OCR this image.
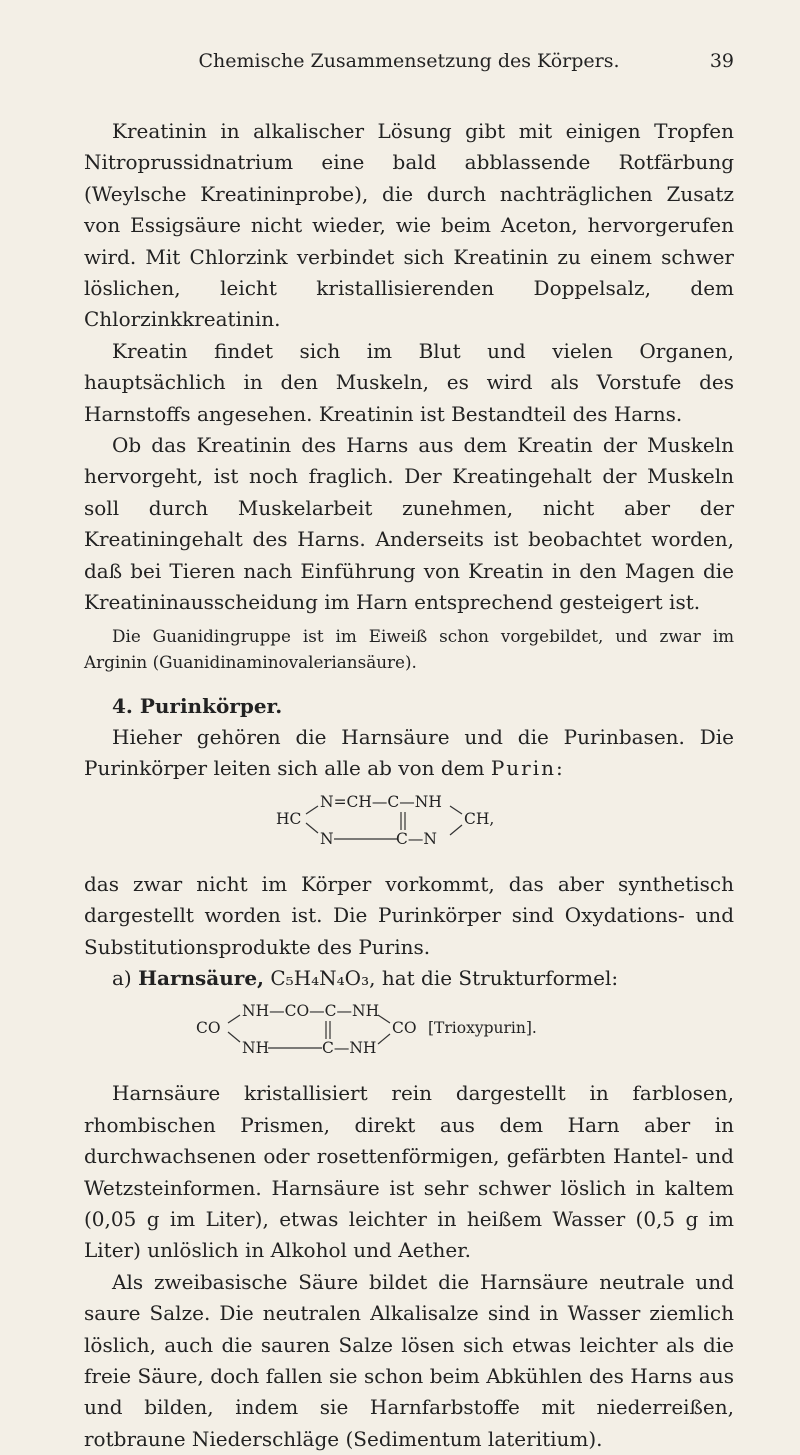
Chemische Zusammensetzung des Körpers.	39

Kreatinin in alkalischer Lösung gibt mit einigen Tropfen Nitroprussidnatrium eine bald abblassende Rotfärbung (Weylsche Kreatininprobe), die durch nachträglichen Zusatz von Essigsäure nicht wieder, wie beim Aceton, hervorgerufen wird. Mit Chlorzink verbindet sich Kreatinin zu einem schwer löslichen, leicht kristallisierenden Doppelsalz, dem Chlorzinkkreatinin.

Kreatin findet sich im Blut und vielen Organen, hauptsächlich in den Muskeln, es wird als Vorstufe des Harnstoffs angesehen. Kreatinin ist Bestandteil des Harns.

Ob das Kreatinin des Harns aus dem Kreatin der Muskeln hervorgeht, ist noch fraglich. Der Kreatingehalt der Muskeln soll durch Muskelarbeit zunehmen, nicht aber der Kreatiningehalt des Harns. Anderseits ist beobachtet worden, daß bei Tieren nach Einführung von Kreatin in den Magen die Kreatininausscheidung im Harn entsprechend gesteigert ist.

Die Guanidingruppe ist im Eiweiß schon vorgebildet, und zwar im Arginin (Guanidinaminovaleriansäure).

4. Purinkörper.

Hieher gehören die Harnsäure und die Purinbasen. Die Purinkörper leiten sich alle ab von dem Purin:

HC
N=CH—C—NH
N	C—N
CH,

das zwar nicht im Körper vorkommt, das aber synthetisch dargestellt worden ist. Die Purinkörper sind Oxydations- und Substitutionsprodukte des Purins.

a) Harnsäure, C₅H₄N₄O₃, hat die Strukturformel:

CO
NH—CO—C—NH
NH	C—NH
CO [Trioxypurin].

Harnsäure kristallisiert rein dargestellt in farblosen, rhombischen Prismen, direkt aus dem Harn aber in durchwachsenen oder rosettenförmigen, gefärbten Hantel- und Wetzsteinformen. Harnsäure ist sehr schwer löslich in kaltem (0,05 g im Liter), etwas leichter in heißem Wasser (0,5 g im Liter) unlöslich in Alkohol und Aether.

Als zweibasische Säure bildet die Harnsäure neutrale und saure Salze. Die neutralen Alkalisalze sind in Wasser ziemlich löslich, auch die sauren Salze lösen sich etwas leichter als die freie Säure, doch fallen sie schon beim Abkühlen des Harns aus und bilden, indem sie Harnfarbstoffe mit niederreißen, rotbraune Niederschläge (Sedimentum lateritium).
